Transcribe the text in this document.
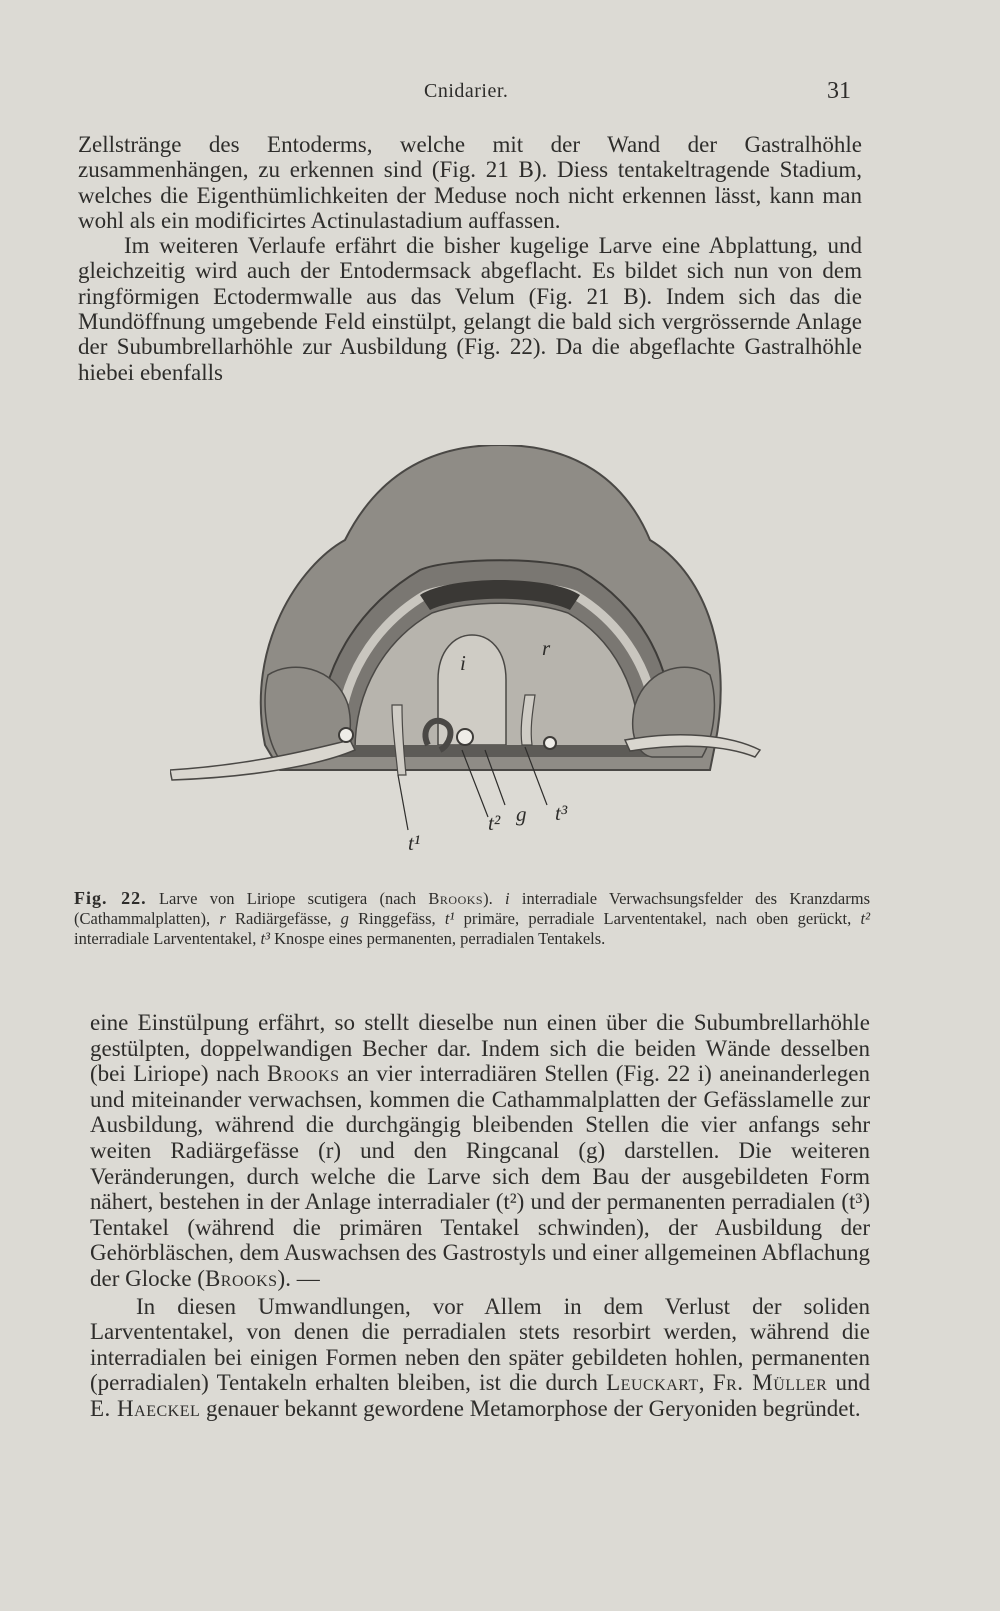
Cnidarier.	31

Zellstränge des Entoderms, welche mit der Wand der Gastralhöhle zusammenhängen, zu erkennen sind (Fig. 21 B). Diess tentakeltragende Stadium, welches die Eigenthümlichkeiten der Meduse noch nicht erkennen lässt, kann man wohl als ein modificirtes Actinulastadium auffassen.

Im weiteren Verlaufe erfährt die bisher kugelige Larve eine Abplattung, und gleichzeitig wird auch der Entodermsack abgeflacht. Es bildet sich nun von dem ringförmigen Ectodermwalle aus das Velum (Fig. 21 B). Indem sich das die Mundöffnung umgebende Feld einstülpt, gelangt die bald sich vergrössernde Anlage der Subumbrellarhöhle zur Ausbildung (Fig. 22). Da die abgeflachte Gastralhöhle hiebei ebenfalls

i
r
t¹
t² g t³
Fig. 22. Larve von Liriope scutigera (nach Brooks). i interradiale Verwachsungsfelder des Kranzdarms (Cathammalplatten), r Radiärgefässe, g Ringgefäss, t¹ primäre, perradiale Larvententakel, nach oben gerückt, t² interradiale Larvententakel, t³ Knospe eines permanenten, perradialen Tentakels.

eine Einstülpung erfährt, so stellt dieselbe nun einen über die Subumbrellarhöhle gestülpten, doppelwandigen Becher dar. Indem sich die beiden Wände desselben (bei Liriope) nach Brooks an vier interradiären Stellen (Fig. 22 i) aneinanderlegen und miteinander verwachsen, kommen die Cathammalplatten der Gefässlamelle zur Ausbildung, während die durchgängig bleibenden Stellen die vier anfangs sehr weiten Radiärgefässe (r) und den Ringcanal (g) darstellen. Die weiteren Veränderungen, durch welche die Larve sich dem Bau der ausgebildeten Form nähert, bestehen in der Anlage interradialer (t²) und der permanenten perradialen (t³) Tentakel (während die primären Tentakel schwinden), der Ausbildung der Gehörbläschen, dem Auswachsen des Gastrostyls und einer allgemeinen Abflachung der Glocke (Brooks). —

In diesen Umwandlungen, vor Allem in dem Verlust der soliden Larvententakel, von denen die perradialen stets resorbirt werden, während die interradialen bei einigen Formen neben den später gebildeten hohlen, permanenten (perradialen) Tentakeln erhalten bleiben, ist die durch Leuckart, Fr. Müller und E. Haeckel genauer bekannt gewordene Metamorphose der Geryoniden begründet.
